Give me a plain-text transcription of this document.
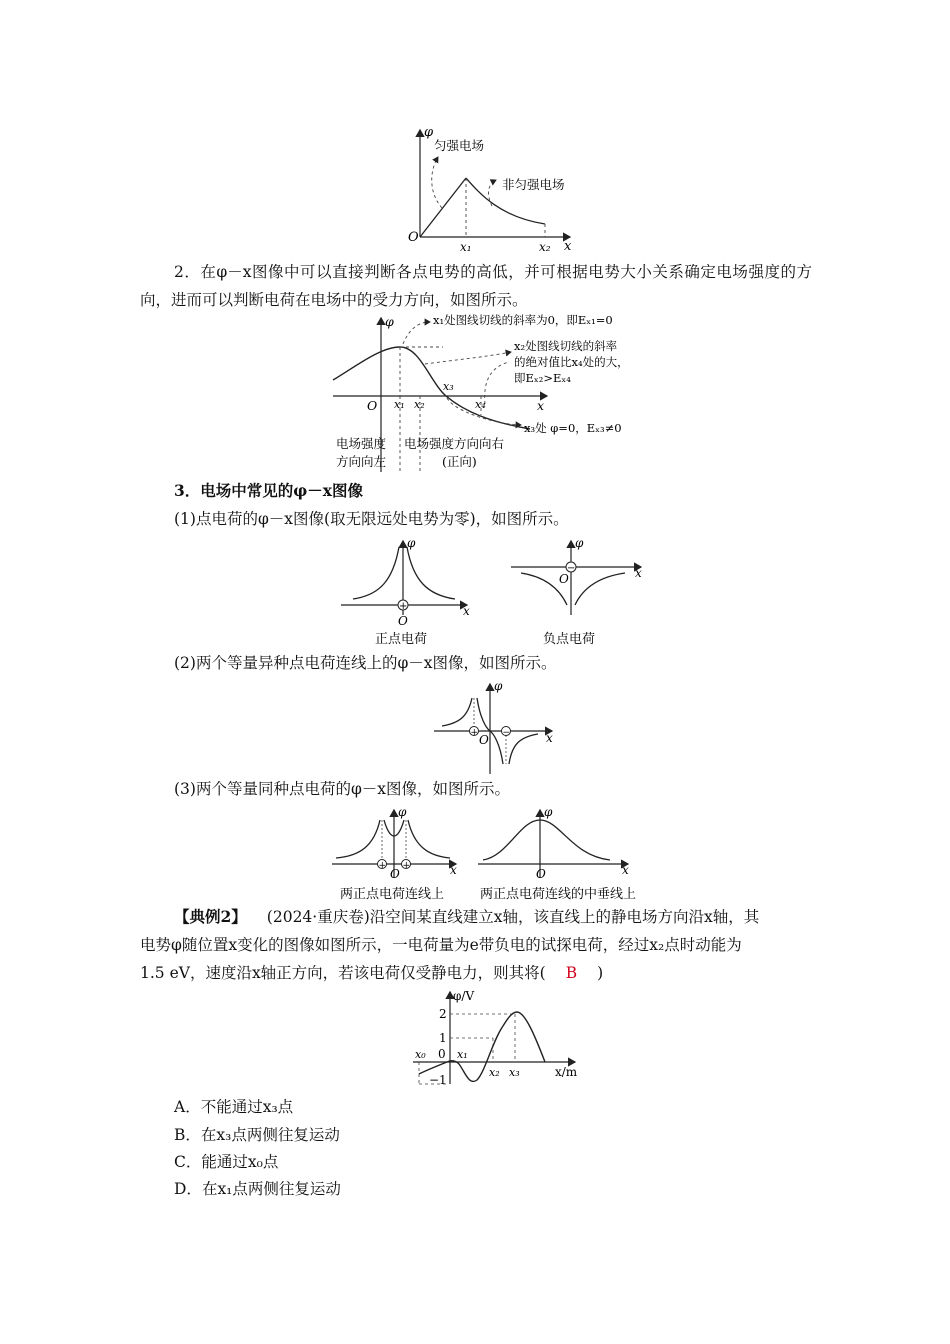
φ
O
x
x₁	x₂
匀强电场
非匀强电场
2．在φ－x图像中可以直接判断各点电势的高低，并可根据电势大小关系确定电场强度的方向，进而可以判断电荷在电场中的受力方向，如图所示。
φ
O	x
x₁ x₂
x₃
x₄
x₁处图线切线的斜率为0，即Eₓ₁=0
x₂处图线切线的斜率
的绝对值比x₄处的大，
即Eₓ₂>Eₓ₄
x₃处 φ=0，Eₓ₃≠0
电场强度
方向向左
电场强度方向向右
(正向)
3．电场中常见的φ－x图像
(1)点电荷的φ－x图像(取无限远处电势为零)，如图所示。
+
φ
O
x
−
φ
O	x
正点电荷	负点电荷
(2)两个等量异种点电荷连线上的φ－x图像，如图所示。
+	−
φ
O	x
(3)两个等量同种点电荷的φ－x图像，如图所示。
+ +
φ
O	x
φ
O	x
两正点电荷连线上	两正点电荷连线的中垂线上
【典例2】 (2024·重庆卷)沿空间某直线建立x轴，该直线上的静电场方向沿x轴，其
电势φ随位置x变化的图像如图所示，一电荷量为e带负电的试探电荷，经过x₂点时动能为
1.5 eV，速度沿x轴正方向，若该电荷仅受静电力，则其将( B )
φ/V
x/m
2
1
0
−1
x₀	x₁
x₂ x₃
A．不能通过x₃点
B．在x₃点两侧往复运动
C．能通过x₀点
D．在x₁点两侧往复运动
